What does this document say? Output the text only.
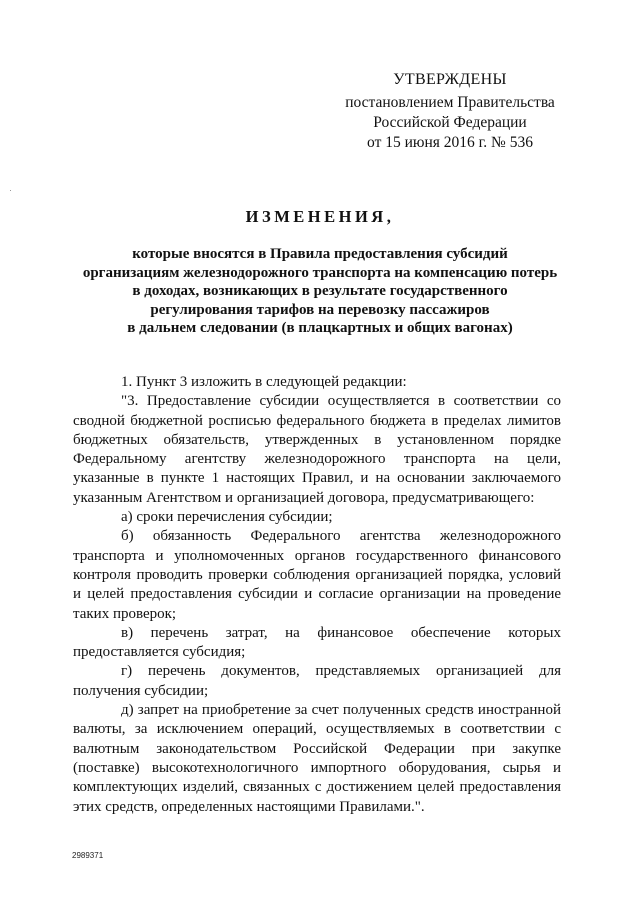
УТВЕРЖДЕНЫ
постановлением Правительства
Российской Федерации
от 15 июня 2016 г. № 536
ИЗМЕНЕНИЯ,
которые вносятся в Правила предоставления субсидий
организациям железнодорожного транспорта на компенсацию потерь
в доходах, возникающих в результате государственного
регулирования тарифов на перевозку пассажиров
в дальнем следовании (в плацкартных и общих вагонах)
1. Пункт 3 изложить в следующей редакции:
"3. Предоставление субсидии осуществляется в соответствии со
сводной бюджетной росписью федерального бюджета в пределах лимитов
бюджетных обязательств, утвержденных в установленном порядке
Федеральному агентству железнодорожного транспорта на цели,
указанные в пункте 1 настоящих Правил, и на основании заключаемого
указанным Агентством и организацией договора, предусматривающего:
а) сроки перечисления субсидии;
б) обязанность Федерального агентства железнодорожного
транспорта и уполномоченных органов государственного финансового
контроля проводить проверки соблюдения организацией порядка, условий
и целей предоставления субсидии и согласие организации на проведение
таких проверок;
в) перечень затрат, на финансовое обеспечение которых
предоставляется субсидия;
г) перечень документов, представляемых организацией для
получения субсидии;
д) запрет на приобретение за счет полученных средств иностранной
валюты, за исключением операций, осуществляемых в соответствии с
валютным законодательством Российской Федерации при закупке
(поставке) высокотехнологичного импортного оборудования, сырья и
комплектующих изделий, связанных с достижением целей предоставления
этих средств, определенных настоящими Правилами.".
2989371
